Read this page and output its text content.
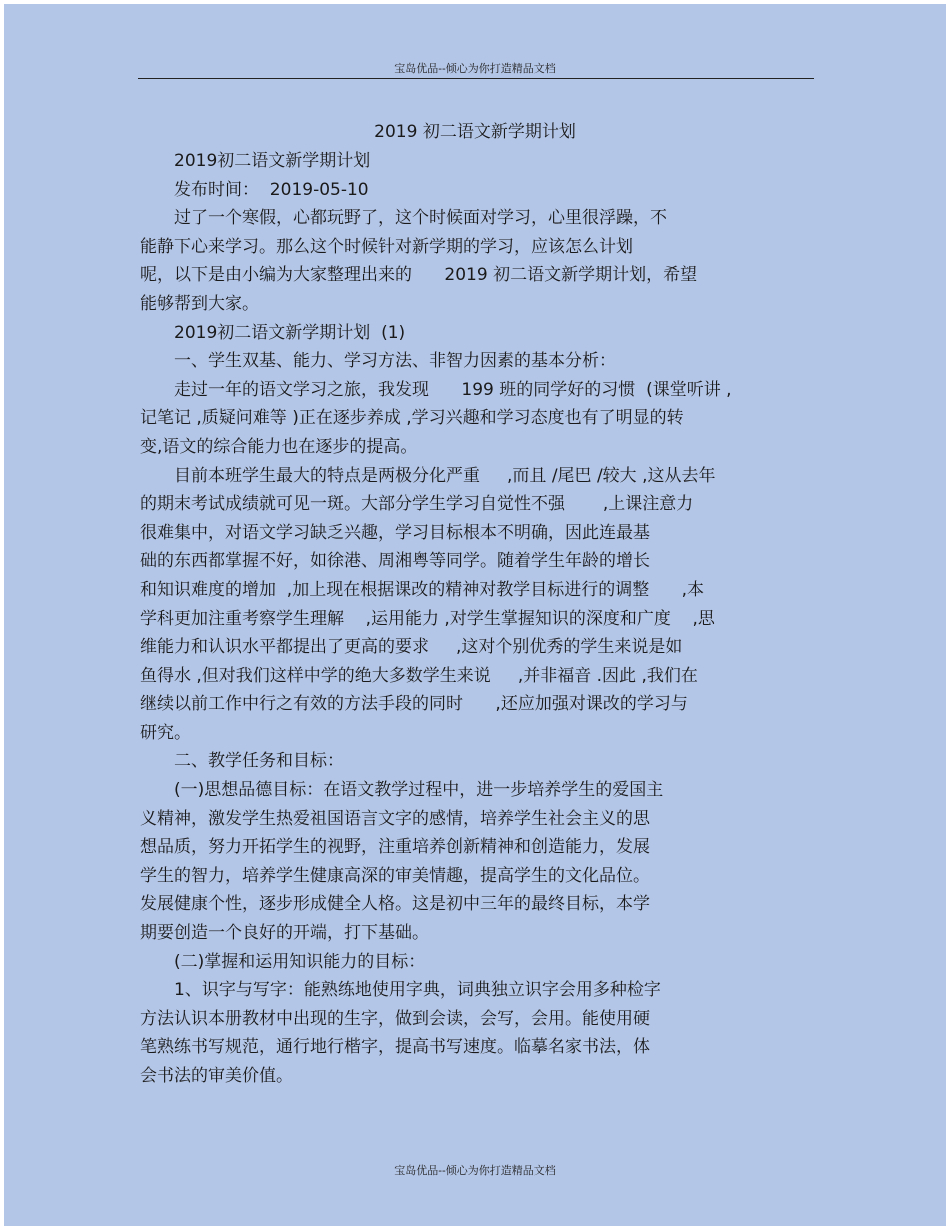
宝岛优品--倾心为你打造精品文档
2019 初二语文新学期计划
2019初二语文新学期计划
发布时间：  2019-05-10
过了一个寒假，心都玩野了，这个时候面对学习，心里很浮躁，不
能静下心来学习。那么这个时候针对新学期的学习，应该怎么计划
呢，以下是由小编为大家整理出来的      2019 初二语文新学期计划，希望
能够帮到大家。
2019初二语文新学期计划  (1)
一、学生双基、能力、学习方法、非智力因素的基本分析：
走过一年的语文学习之旅，我发现      199 班的同学好的习惯  (课堂听讲 ,
记笔记 ,质疑问难等 )正在逐步养成 ,学习兴趣和学习态度也有了明显的转
变,语文的综合能力也在逐步的提高。
目前本班学生最大的特点是两极分化严重     ,而且 /尾巴 /较大 ,这从去年
的期末考试成绩就可见一斑。大部分学生学习自觉性不强       ,上课注意力
很难集中，对语文学习缺乏兴趣，学习目标根本不明确，因此连最基
础的东西都掌握不好，如徐港、周湘粤等同学。随着学生年龄的增长
和知识难度的增加  ,加上现在根据课改的精神对教学目标进行的调整      ,本
学科更加注重考察学生理解    ,运用能力 ,对学生掌握知识的深度和广度    ,思
维能力和认识水平都提出了更高的要求     ,这对个别优秀的学生来说是如
鱼得水 ,但对我们这样中学的绝大多数学生来说     ,并非福音 .因此 ,我们在
继续以前工作中行之有效的方法手段的同时      ,还应加强对课改的学习与
研究。
二、教学任务和目标：
(一)思想品德目标：在语文教学过程中，进一步培养学生的爱国主
义精神，激发学生热爱祖国语言文字的感情，培养学生社会主义的思
想品质，努力开拓学生的视野，注重培养创新精神和创造能力，发展
学生的智力，培养学生健康高深的审美情趣，提高学生的文化品位。
发展健康个性，逐步形成健全人格。这是初中三年的最终目标，本学
期要创造一个良好的开端，打下基础。
(二)掌握和运用知识能力的目标：
1、识字与写字：能熟练地使用字典，词典独立识字会用多种检字
方法认识本册教材中出现的生字，做到会读，会写，会用。能使用硬
笔熟练书写规范，通行地行楷字，提高书写速度。临摹名家书法，体
会书法的审美价值。
宝岛优品--倾心为你打造精品文档
